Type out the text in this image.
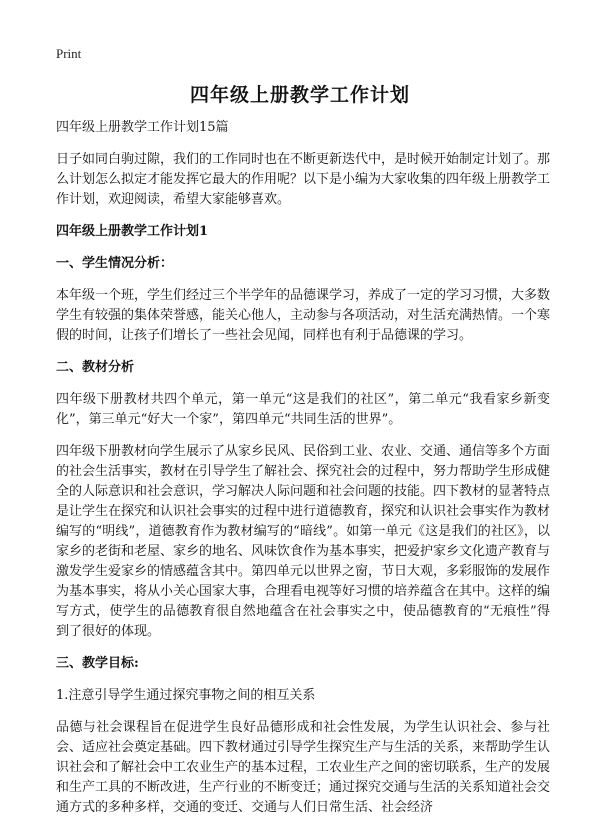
Print
四年级上册教学工作计划

四年级上册教学工作计划15篇

日子如同白驹过隙，我们的工作同时也在不断更新迭代中，是时候开始制定计划了。那么计划怎么拟定才能发挥它最大的作用呢？以下是小编为大家收集的四年级上册教学工作计划，欢迎阅读，希望大家能够喜欢。

四年级上册教学工作计划1

一、学生情况分析：

本年级一个班，学生们经过三个半学年的品德课学习，养成了一定的学习习惯，大多数学生有较强的集体荣誉感，能关心他人，主动参与各项活动，对生活充满热情。一个寒假的时间，让孩子们增长了一些社会见闻，同样也有利于品德课的学习。

二、教材分析

四年级下册教材共四个单元，第一单元“这是我们的社区”，第二单元“我看家乡新变化”，第三单元“好大一个家”，第四单元“共同生活的世界”。

四年级下册教材向学生展示了从家乡民风、民俗到工业、农业、交通、通信等多个方面的社会生活事实，教材在引导学生了解社会、探究社会的过程中，努力帮助学生形成健全的人际意识和社会意识，学习解决人际问题和社会问题的技能。四下教材的显著特点是让学生在探究和认识社会事实的过程中进行道德教育，探究和认识社会事实作为教材编写的“明线”，道德教育作为教材编写的“暗线”。如第一单元《这是我们的社区》，以家乡的老街和老屋、家乡的地名、风味饮食作为基本事实，把爱护家乡文化遗产教育与激发学生爱家乡的情感蕴含其中。第四单元以世界之窗，节日大观，多彩服饰的发展作为基本事实，将从小关心国家大事，合理看电视等好习惯的培养蕴含在其中。这样的编写方式，使学生的品德教育很自然地蕴含在社会事实之中，使品德教育的“无痕性”得到了很好的体现。

三、教学目标:

1.注意引导学生通过探究事物之间的相互关系

品德与社会课程旨在促进学生良好品德形成和社会性发展，为学生认识社会、参与社会、适应社会奠定基础。四下教材通过引导学生探究生产与生活的关系，来帮助学生认识社会和了解社会中工农业生产的基本过程，工农业生产之间的密切联系，生产的发展和生产工具的不断改进，生产行业的不断变迁；通过探究交通与生活的关系知道社会交通方式的多种多样，交通的变迁、交通与人们日常生活、社会经济
